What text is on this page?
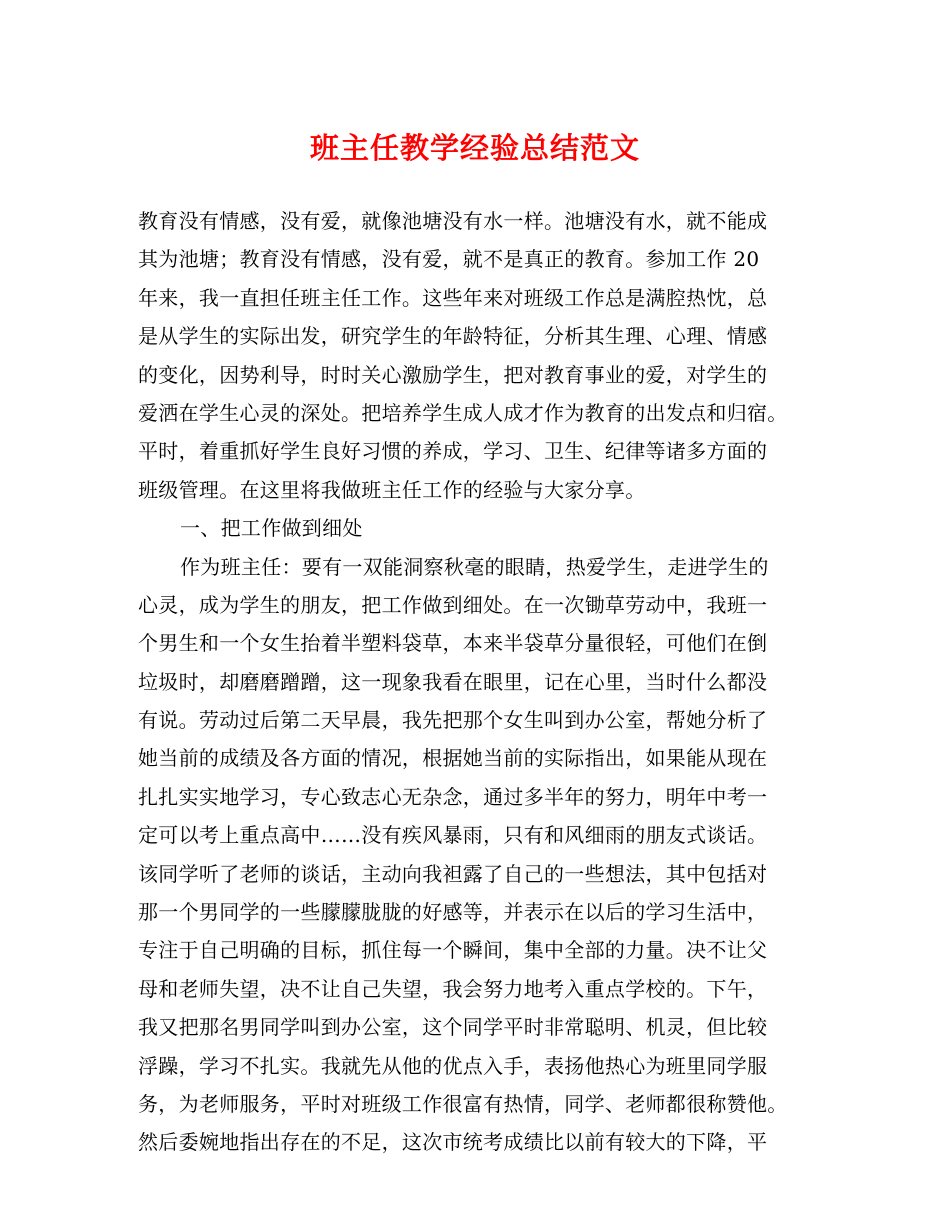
班主任教学经验总结范文
教育没有情感，没有爱，就像池塘没有水一样。池塘没有水，就不能成
其为池塘；教育没有情感，没有爱，就不是真正的教育。参加工作 20
年来，我一直担任班主任工作。这些年来对班级工作总是满腔热忱，总
是从学生的实际出发，研究学生的年龄特征，分析其生理、心理、情感
的变化，因势利导，时时关心激励学生，把对教育事业的爱，对学生的
爱洒在学生心灵的深处。把培养学生成人成才作为教育的出发点和归宿。
平时，着重抓好学生良好习惯的养成，学习、卫生、纪律等诸多方面的
班级管理。在这里将我做班主任工作的经验与大家分享。
一、把工作做到细处
作为班主任：要有一双能洞察秋毫的眼睛，热爱学生，走进学生的
心灵，成为学生的朋友，把工作做到细处。在一次锄草劳动中，我班一
个男生和一个女生抬着半塑料袋草，本来半袋草分量很轻，可他们在倒
垃圾时，却磨磨蹭蹭，这一现象我看在眼里，记在心里，当时什么都没
有说。劳动过后第二天早晨，我先把那个女生叫到办公室，帮她分析了
她当前的成绩及各方面的情况，根据她当前的实际指出，如果能从现在
扎扎实实地学习，专心致志心无杂念，通过多半年的努力，明年中考一
定可以考上重点高中……没有疾风暴雨，只有和风细雨的朋友式谈话。
该同学听了老师的谈话，主动向我袒露了自己的一些想法，其中包括对
那一个男同学的一些朦朦胧胧的好感等，并表示在以后的学习生活中，
专注于自己明确的目标，抓住每一个瞬间，集中全部的力量。决不让父
母和老师失望，决不让自己失望，我会努力地考入重点学校的。下午，
我又把那名男同学叫到办公室，这个同学平时非常聪明、机灵，但比较
浮躁，学习不扎实。我就先从他的优点入手，表扬他热心为班里同学服
务，为老师服务，平时对班级工作很富有热情，同学、老师都很称赞他。
然后委婉地指出存在的不足，这次市统考成绩比以前有较大的下降，平
